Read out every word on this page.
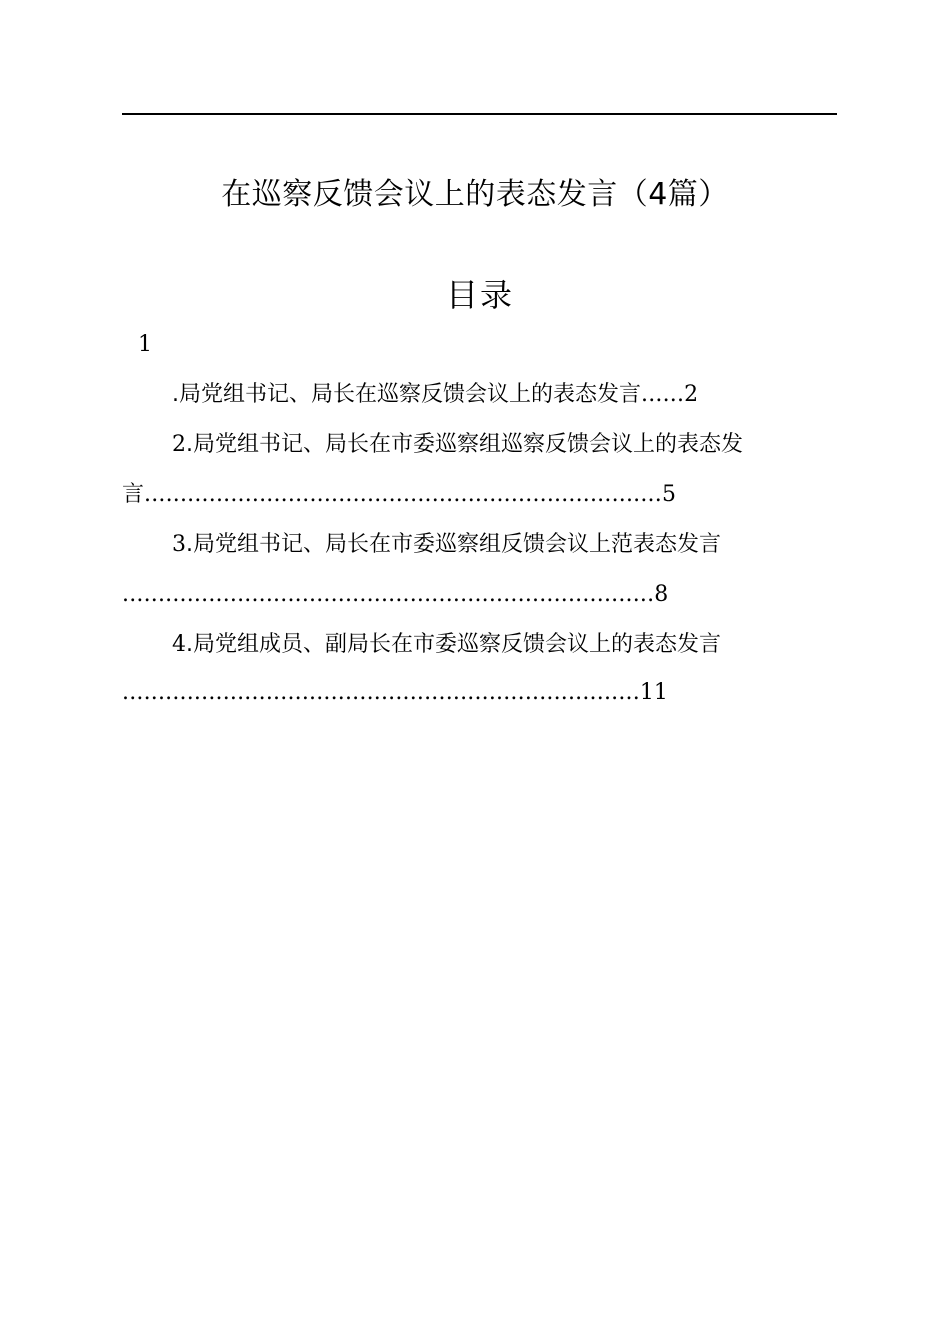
在巡察反馈会议上的表态发言（4篇）
目录
1
.局党组书记、局长在巡察反馈会议上的表态发言......2
2.局党组书记、局长在市委巡察组巡察反馈会议上的表态发
言........................................................................5
3.局党组书记、局长在市委巡察组反馈会议上范表态发言
..........................................................................8
4.局党组成员、副局长在市委巡察反馈会议上的表态发言
........................................................................11
